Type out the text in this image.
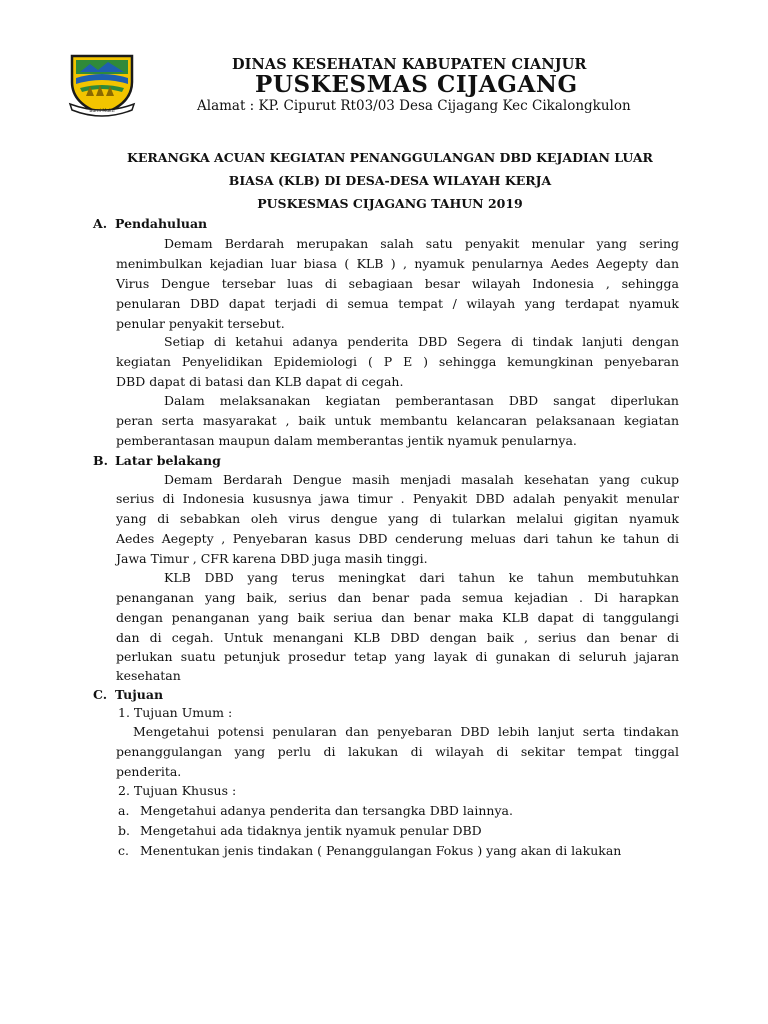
Bumi Mukti
DINAS KESEHATAN KABUPATEN CIANJUR
PUSKESMAS CIJAGANG
Alamat : KP. Cipurut Rt03/03 Desa Cijagang Kec Cikalongkulon
KERANGKA ACUAN KEGIATAN PENANGGULANGAN DBD KEJADIAN LUAR
BIASA (KLB) DI DESA-DESA WILAYAH KERJA
PUSKESMAS CIJAGANG TAHUN 2019
A. Pendahuluan
Demam Berdarah merupakan salah satu penyakit menular yang sering
menimbulkan kejadian luar biasa ( KLB ) , nyamuk penularnya Aedes Aegepty dan
Virus Dengue tersebar luas di sebagiaan besar wilayah Indonesia , sehingga
penularan DBD dapat terjadi di semua tempat / wilayah yang terdapat nyamuk
penular penyakit tersebut.
Setiap di ketahui adanya penderita DBD Segera di tindak lanjuti dengan
kegiatan Penyelidikan Epidemiologi ( P E ) sehingga kemungkinan penyebaran
DBD dapat di batasi dan KLB dapat di cegah.
Dalam melaksanakan kegiatan pemberantasan DBD sangat diperlukan
peran serta masyarakat , baik untuk membantu kelancaran pelaksanaan kegiatan
pemberantasan maupun dalam memberantas jentik nyamuk penularnya.
B. Latar belakang
Demam Berdarah Dengue masih menjadi masalah kesehatan yang cukup
serius di Indonesia kususnya jawa timur . Penyakit DBD adalah penyakit menular
yang di sebabkan oleh virus dengue yang di tularkan melalui gigitan nyamuk
Aedes Aegepty , Penyebaran kasus DBD cenderung meluas dari tahun ke tahun di
Jawa Timur , CFR karena DBD juga masih tinggi.
KLB DBD yang terus meningkat dari tahun ke tahun membutuhkan
penanganan yang baik, serius dan benar pada semua kejadian . Di harapkan
dengan penanganan yang baik seriua dan benar maka KLB dapat di tanggulangi
dan di cegah. Untuk menangani KLB DBD dengan baik , serius dan benar di
perlukan suatu petunjuk prosedur tetap yang layak di gunakan di seluruh jajaran
kesehatan
C. Tujuan
1. Tujuan Umum :
Mengetahui potensi penularan dan penyebaran DBD lebih lanjut serta tindakan
penanggulangan yang perlu di lakukan di wilayah di sekitar tempat tinggal
penderita.
2. Tujuan Khusus :
a. Mengetahui adanya penderita dan tersangka DBD lainnya.
b. Mengetahui ada tidaknya jentik nyamuk penular DBD
c. Menentukan jenis tindakan ( Penanggulangan Fokus ) yang akan di lakukan
